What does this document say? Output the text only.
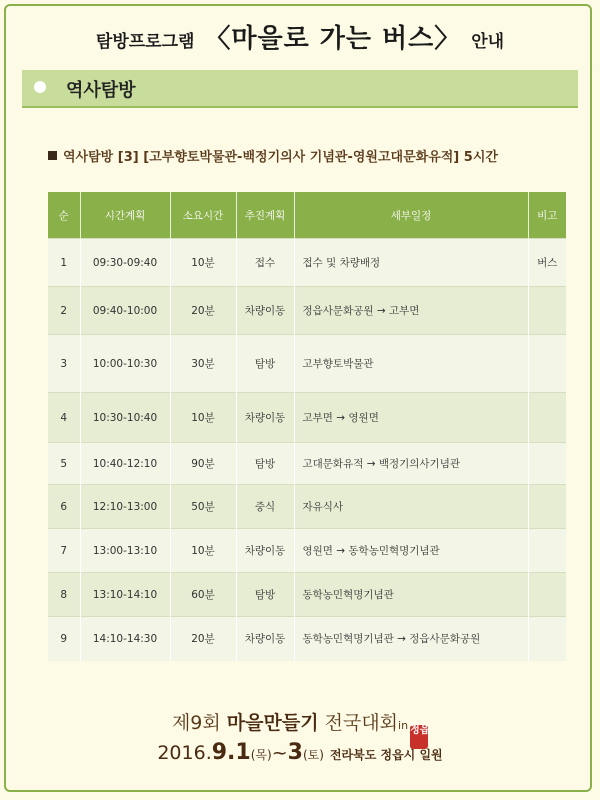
탐방프로그램 〈마을로 가는 버스〉 안내
역사탐방
역사탐방 [3] [고부향토박물관-백정기의사 기념관-영원고대문화유적] 5시간
순	시간계획	소요시간	추진계획	세부일정	비고
1	09:30-09:40	10분	접수	접수 및 차량배정	버스
2	09:40-10:00	20분	차량이동	정읍사문화공원 → 고부면	
3	10:00-10:30	30분	탐방	고부향토박물관	
4	10:30-10:40	10분	차량이동	고부면 → 영원면	
5	10:40-12:10	90분	탐방	고대문화유적 → 백정기의사기념관	
6	12:10-13:00	50분	중식	자유식사	
7	13:00-13:10	10분	차량이동	영원면 → 동학농민혁명기념관	
8	13:10-14:10	60분	탐방	동학농민혁명기념관	
9	14:10-14:30	20분	차량이동	동학농민혁명기념관 → 정읍사문화공원	
제9회 마을만들기 전국대회in 정읍
2016.9.1(목)~3(토) 전라북도 정읍시 일원
